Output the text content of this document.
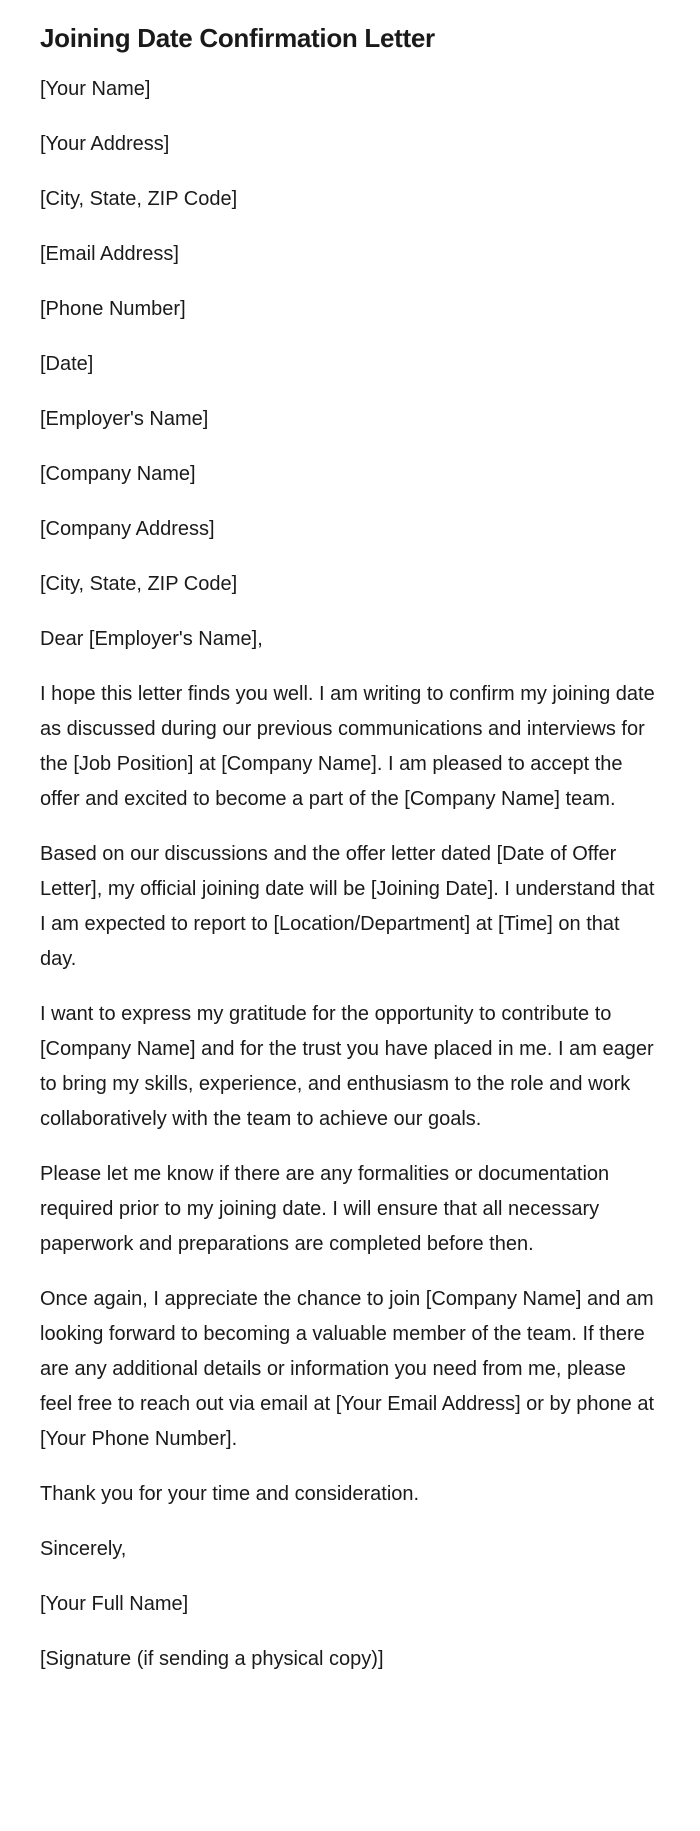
Joining Date Confirmation Letter
[Your Name]
[Your Address]
[City, State, ZIP Code]
[Email Address]
[Phone Number]
[Date]
[Employer's Name]
[Company Name]
[Company Address]
[City, State, ZIP Code]
Dear [Employer's Name],

I hope this letter finds you well. I am writing to confirm my joining date as discussed during our previous communications and interviews for the [Job Position] at [Company Name]. I am pleased to accept the offer and excited to become a part of the [Company Name] team.

Based on our discussions and the offer letter dated [Date of Offer Letter], my official joining date will be [Joining Date]. I understand that I am expected to report to [Location/Department] at [Time] on that day.

I want to express my gratitude for the opportunity to contribute to [Company Name] and for the trust you have placed in me. I am eager to bring my skills, experience, and enthusiasm to the role and work collaboratively with the team to achieve our goals.

Please let me know if there are any formalities or documentation required prior to my joining date. I will ensure that all necessary paperwork and preparations are completed before then.

Once again, I appreciate the chance to join [Company Name] and am looking forward to becoming a valuable member of the team. If there are any additional details or information you need from me, please feel free to reach out via email at [Your Email Address] or by phone at [Your Phone Number].

Thank you for your time and consideration.

Sincerely,
[Your Full Name]
[Signature (if sending a physical copy)]
